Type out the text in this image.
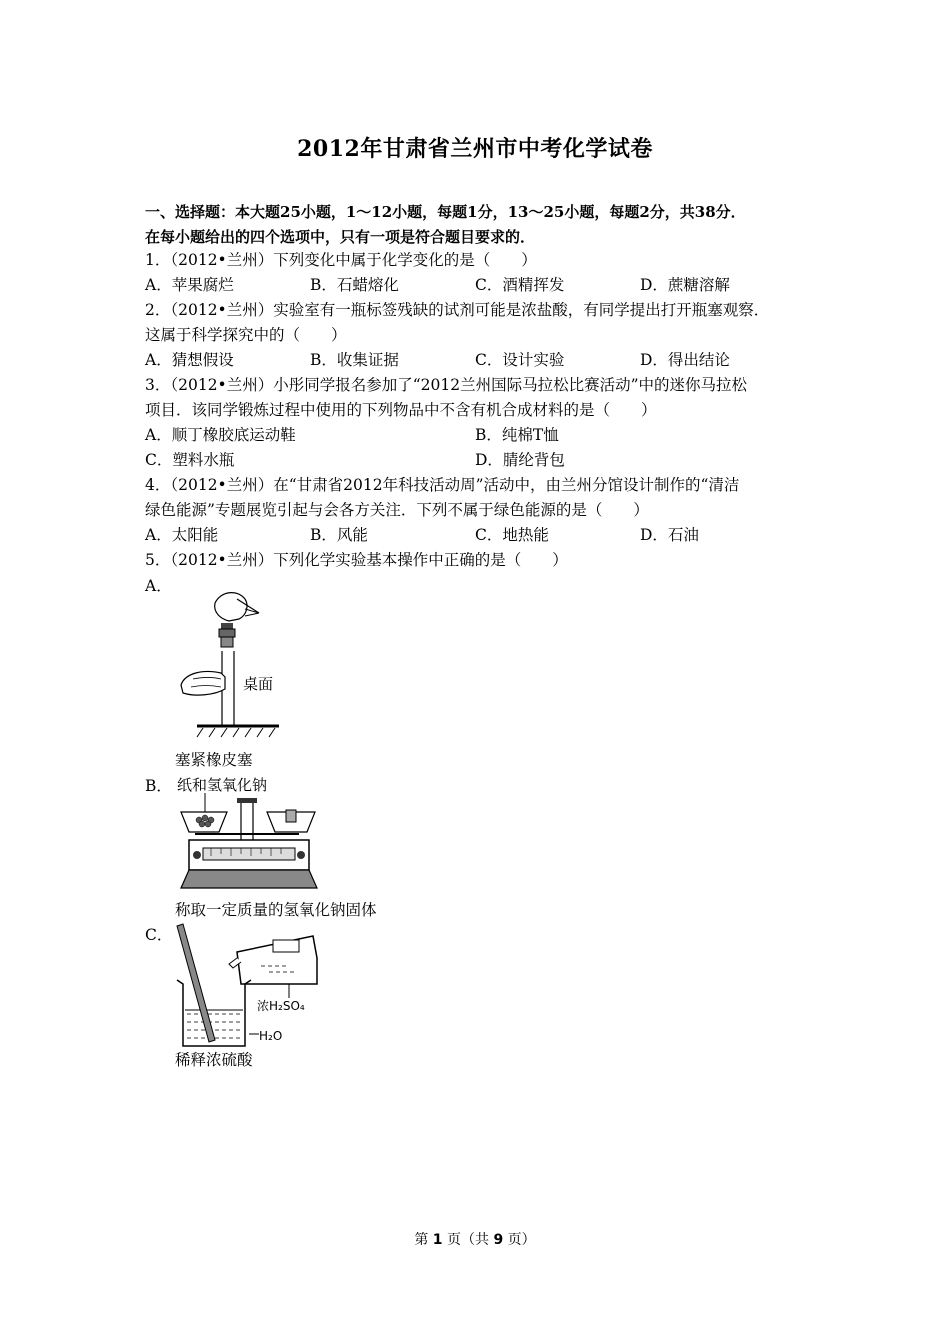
2012年甘肃省兰州市中考化学试卷
一、选择题：本大题25小题，1～12小题，每题1分，13～25小题，每题2分，共38分．
在每小题给出的四个选项中，只有一项是符合题目要求的．
1．（2012•兰州）下列变化中属于化学变化的是（　　）
A．苹果腐烂	B．石蜡熔化	C．酒精挥发	D．蔗糖溶解
2．（2012•兰州）实验室有一瓶标签残缺的试剂可能是浓盐酸，有同学提出打开瓶塞观察．
这属于科学探究中的（　　）
A．猜想假设	B．收集证据	C．设计实验	D．得出结论
3．（2012•兰州）小彤同学报名参加了“2012兰州国际马拉松比赛活动”中的迷你马拉松
项目．该同学锻炼过程中使用的下列物品中不含有机合成材料的是（　　）
A．顺丁橡胶底运动鞋	B．纯棉T恤
C．塑料水瓶	D．腈纶背包
4．（2012•兰州）在“甘肃省2012年科技活动周”活动中，由兰州分馆设计制作的“清洁
绿色能源”专题展览引起与会各方关注．下列不属于绿色能源的是（　　）
A．太阳能	B．风能	C．地热能	D．石油
5．（2012•兰州）下列化学实验基本操作中正确的是（　　）
A．
桌面
塞紧橡皮塞
B． 纸和氢氧化钠
称取一定质量的氢氧化钠固体
C．
浓H₂SO₄
H₂O
稀释浓硫酸
第 1 页（共 9 页）
